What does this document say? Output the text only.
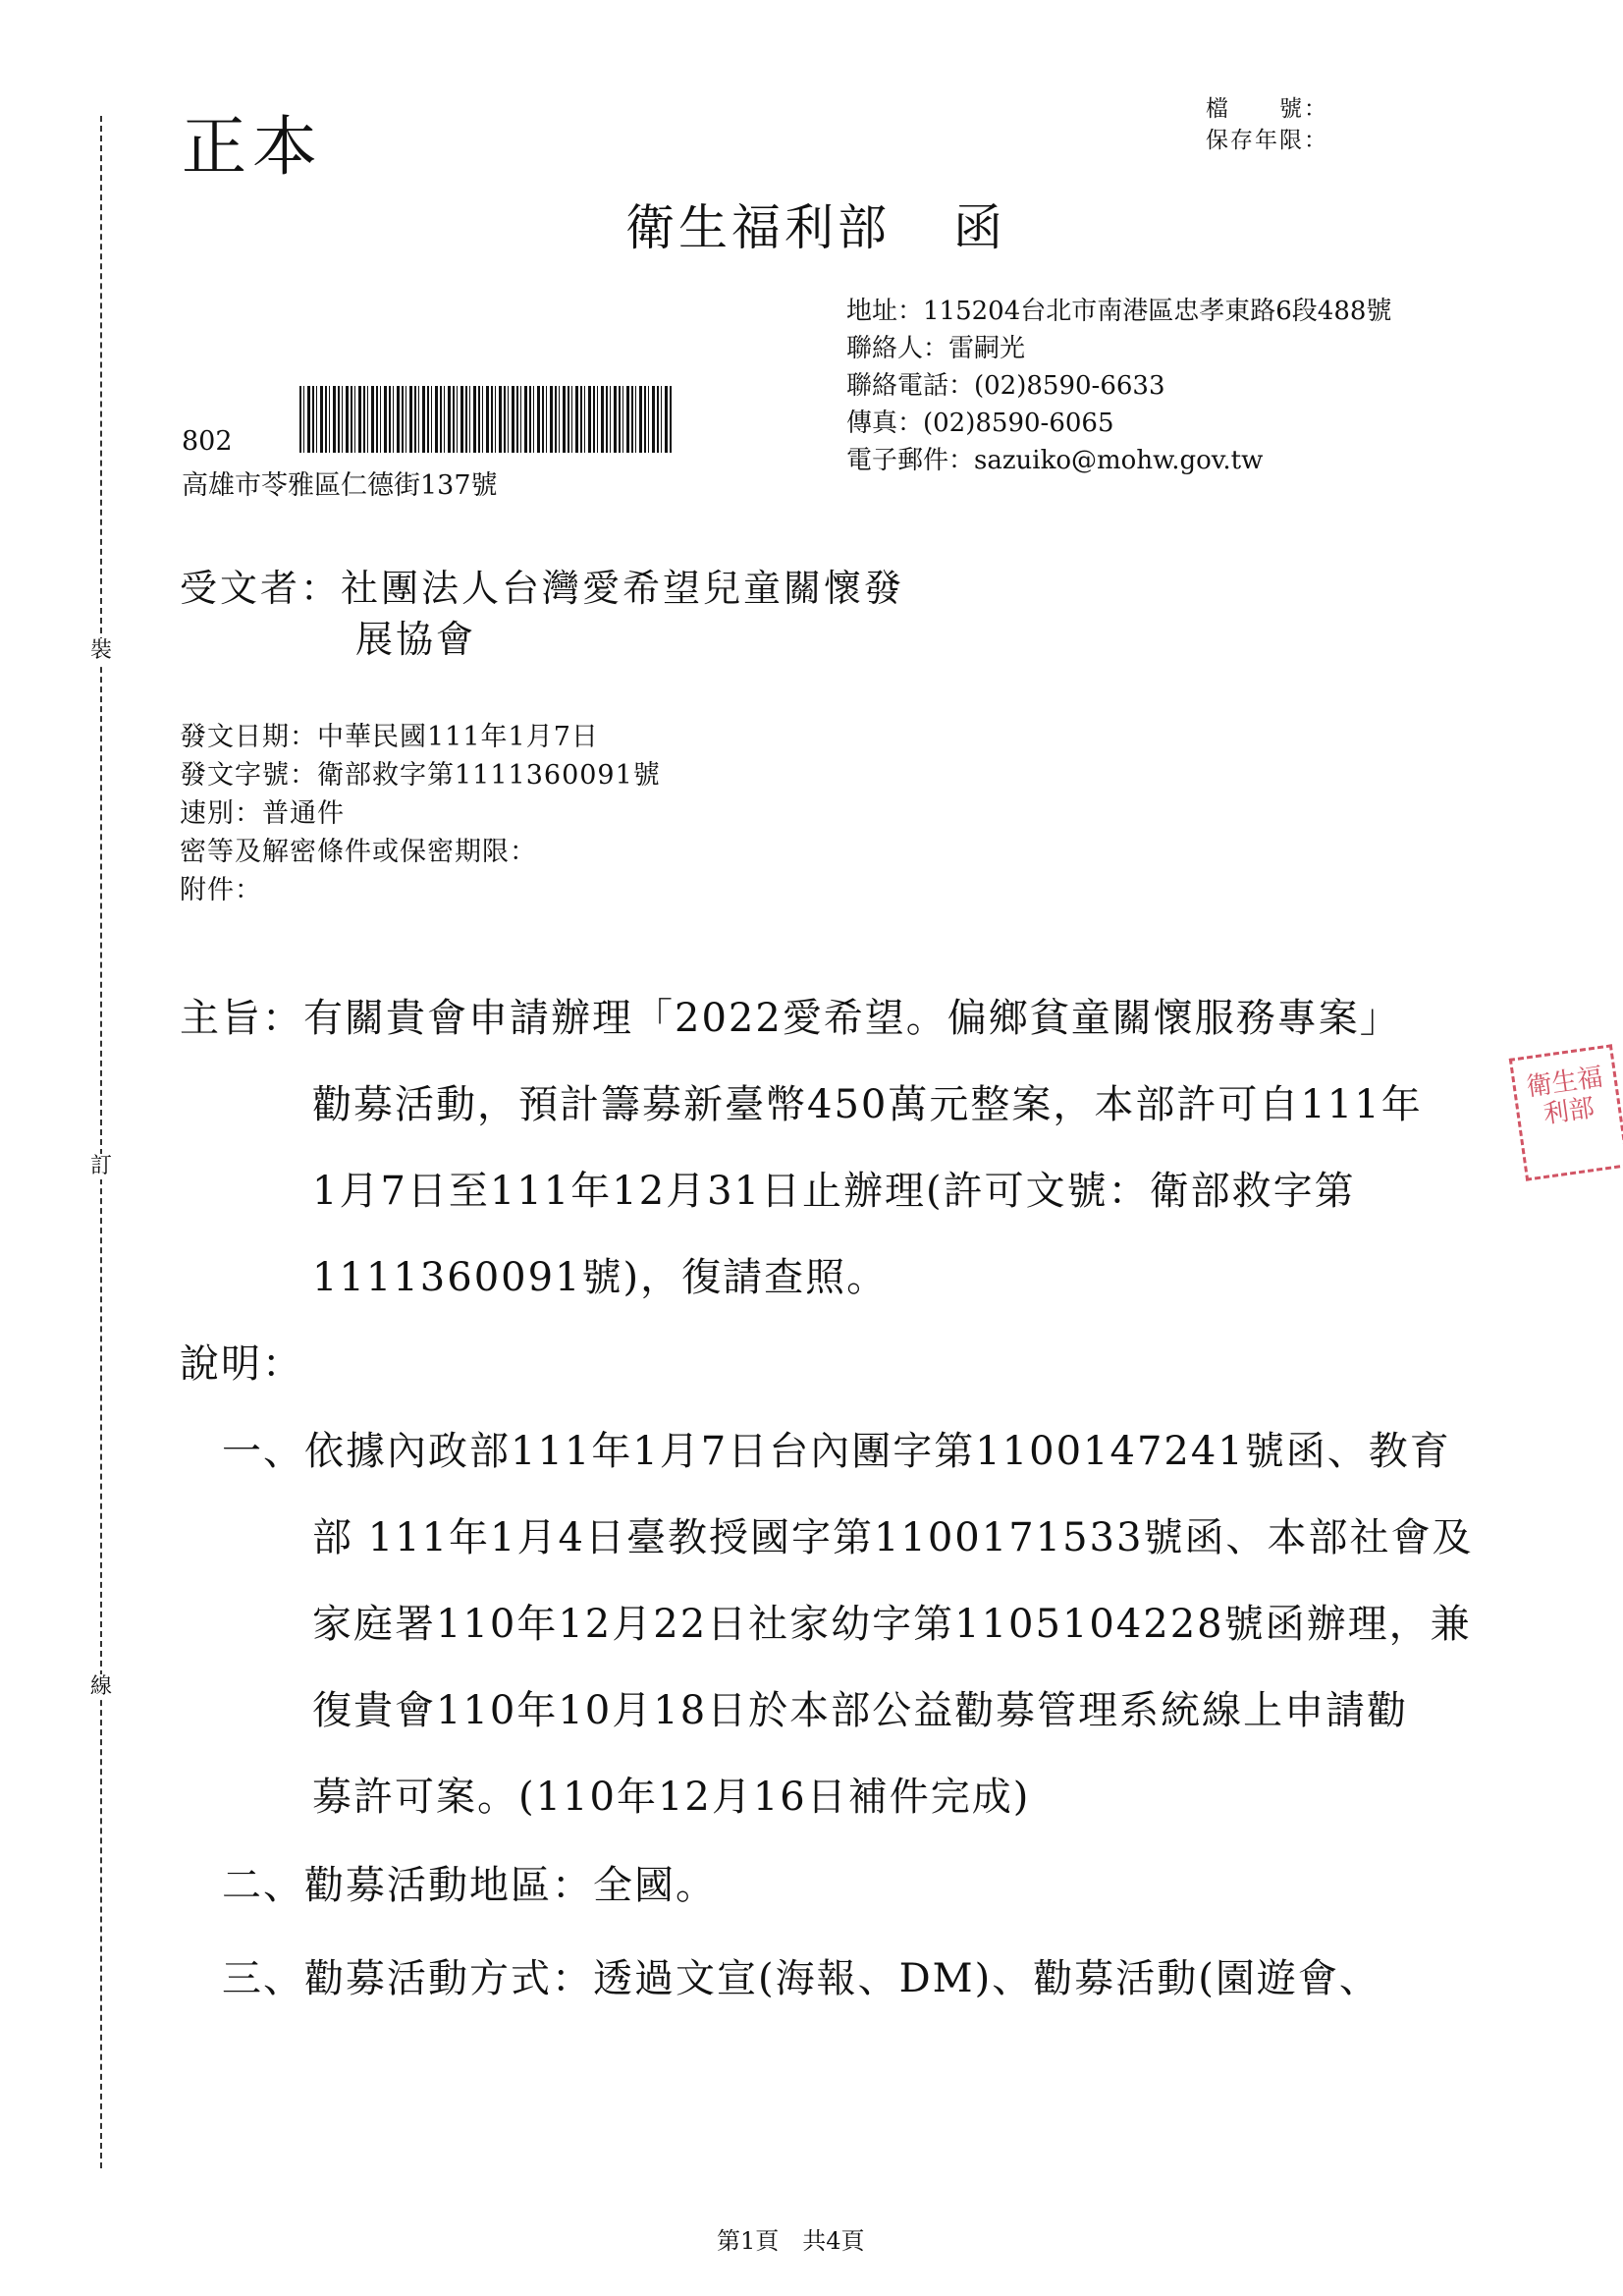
裝
訂
線
正本	檔　　號：
保存年限：
衛生福利部 函
地址：115204台北市南港區忠孝東路6段488號
聯絡人：雷嗣光
聯絡電話：(02)8590-6633
傳真：(02)8590-6065
電子郵件：sazuiko@mohw.gov.tw
802
高雄市苓雅區仁德街137號
受文者：社團法人台灣愛希望兒童關懷發
展協會
發文日期：中華民國111年1月7日
發文字號：衛部救字第1111360091號
速別：普通件
密等及解密條件或保密期限：
附件：
主旨：有關貴會申請辦理「2022愛希望。偏鄉貧童關懷服務專案」
勸募活動，預計籌募新臺幣450萬元整案，本部許可自111年
1月7日至111年12月31日止辦理(許可文號：衛部救字第
1111360091號)，復請查照。
說明：
一、依據內政部111年1月7日台內團字第1100147241號函、教育
部 111年1月4日臺教授國字第1100171533號函、本部社會及
家庭署110年12月22日社家幼字第1105104228號函辦理，兼
復貴會110年10月18日於本部公益勸募管理系統線上申請勸
募許可案。(110年12月16日補件完成)
二、勸募活動地區：全國。
三、勸募活動方式：透過文宣(海報、DM)、勸募活動(園遊會、
衛生福利部
第1頁 共4頁
